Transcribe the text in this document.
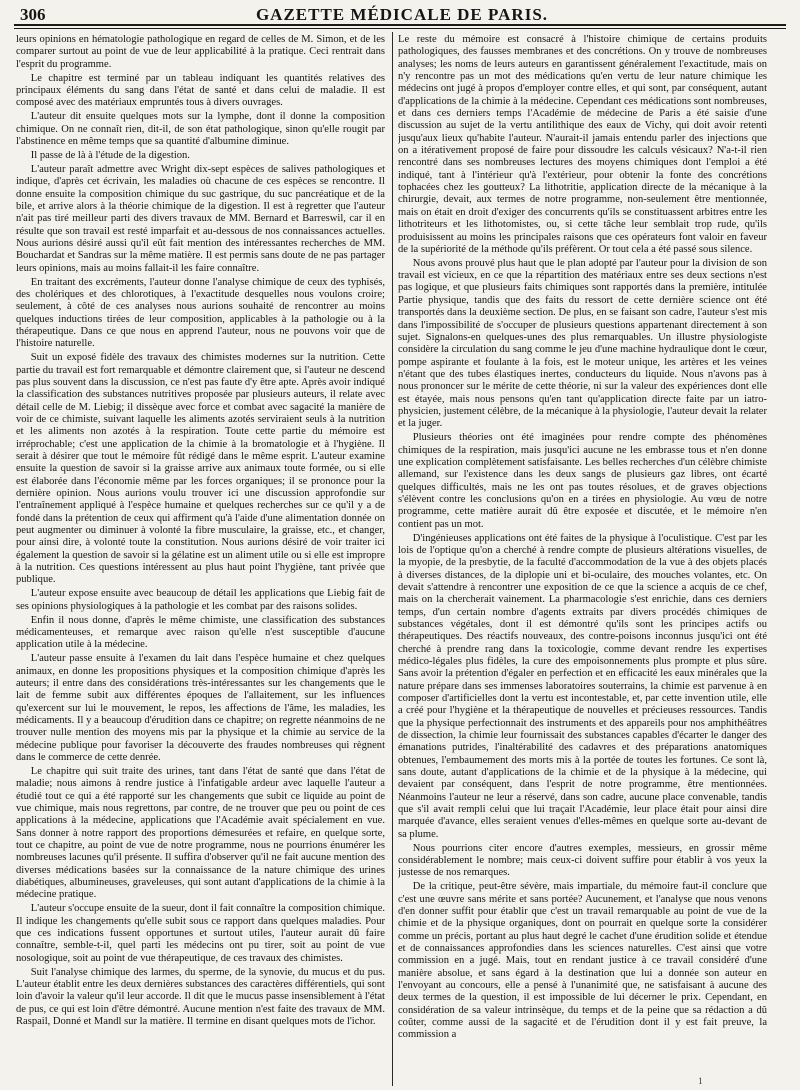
306	GAZETTE MÉDICALE DE PARIS.

leurs opinions en hématologie pathologique en regard de celles de M. Simon, et de les comparer surtout au point de vue de leur applicabilité à la pratique. Ceci rentrait dans l'esprit du programme.

Le chapitre est terminé par un tableau indiquant les quantités relatives des principaux éléments du sang dans l'état de santé et dans celui de maladie. Il est composé avec des matériaux empruntés tous à divers ouvrages.

L'auteur dit ensuite quelques mots sur la lymphe, dont il donne la composition chimique. On ne connaît rien, dit-il, de son état pathologique, sinon qu'elle rougit par l'abstinence en même temps que sa quantité d'albumine diminue.

Il passe de là à l'étude de la digestion.

L'auteur paraît admettre avec Wright dix-sept espèces de salives pathologiques et indique, d'après cet écrivain, les maladies où chacune de ces espèces se rencontre. Il donne ensuite la composition chimique du suc gastrique, du suc pancréatique et de la bile, et arrive alors à la théorie chimique de la digestion. Il est à regretter que l'auteur n'ait pas tiré meilleur parti des divers travaux de MM. Bernard et Barreswil, car il en résulte que son travail est resté imparfait et au-dessous de nos connaissances actuelles. Nous aurions désiré aussi qu'il eût fait mention des intéressantes recherches de MM. Bouchardat et Sandras sur la même matière. Il est permis sans doute de ne pas partager leurs opinions, mais au moins fallait-il les faire connaître.

En traitant des excréments, l'auteur donne l'analyse chimique de ceux des typhisés, des cholériques et des chlorotiques, à l'exactitude desquelles nous voulons croire; seulement, à côté de ces analyses nous aurions souhaité de rencontrer au moins quelques inductions tirées de leur composition, applicables à la pathologie ou à la thérapeutique. Dans ce que nous en apprend l'auteur, nous ne pouvons voir que de l'histoire naturelle.

Suit un exposé fidèle des travaux des chimistes modernes sur la nutrition. Cette partie du travail est fort remarquable et démontre clairement que, si l'auteur ne descend pas plus souvent dans la discussion, ce n'est pas faute d'y être apte. Après avoir indiqué la classification des substances nutritives proposée par plusieurs auteurs, il relate avec détail celle de M. Liebig; il dissèque avec force et combat avec sagacité la manière de voir de ce chimiste, suivant laquelle les aliments azotés serviraient seuls à la nutrition et les aliments non azotés à la respiration. Toute cette partie du mémoire est irréprochable; c'est une application de la chimie à la bromatologie et à l'hygiène. Il serait à désirer que tout le mémoire fût rédigé dans le même esprit. L'auteur examine ensuite la question de savoir si la graisse arrive aux animaux toute formée, ou si elle est élaborée dans l'économie même par les forces organiques; il se prononce pour la dernière opinion. Nous aurions voulu trouver ici une discussion approfondie sur l'entraînement appliqué à l'espèce humaine et quelques recherches sur ce qu'il y a de fondé dans la prétention de ceux qui affirment qu'à l'aide d'une alimentation donnée on peut augmenter ou diminuer à volonté la fibre musculaire, la graisse, etc., et changer, pour ainsi dire, à volonté toute la constitution. Nous aurions désiré de voir traiter ici également la question de savoir si la gélatine est un aliment utile ou si elle est impropre à la nutrition. Ces questions intéressent au plus haut point l'hygiène, tant privée que publique.

L'auteur expose ensuite avec beaucoup de détail les applications que Liebig fait de ses opinions physiologiques à la pathologie et les combat par des raisons solides.

Enfin il nous donne, d'après le même chimiste, une classification des substances médicamenteuses, et remarque avec raison qu'elle n'est susceptible d'aucune application utile à la médecine.

L'auteur passe ensuite à l'examen du lait dans l'espèce humaine et chez quelques animaux, en donne les propositions physiques et la composition chimique d'après les auteurs; il entre dans des considérations très-intéressantes sur les changements que le lait de femme subit aux différentes époques de l'allaitement, sur les influences qu'exercent sur lui le mouvement, le repos, les affections de l'âme, les maladies, les médicaments. Il y a beaucoup d'érudition dans ce chapitre; on regrette néanmoins de ne trouver nulle mention des moyens mis par la physique et la chimie au service de la médecine publique pour favoriser la découverte des fraudes nombreuses qui règnent dans le commerce de cette denrée.

Le chapitre qui suit traite des urines, tant dans l'état de santé que dans l'état de maladie; nous aimons à rendre justice à l'infatigable ardeur avec laquelle l'auteur a étudié tout ce qui a été rapporté sur les changements que subit ce liquide au point de vue chimique, mais nous regrettons, par contre, de ne trouver que peu ou point de ces applications à la médecine, applications que l'Académie avait spécialement en vue. Sans donner à notre rapport des proportions démesurées et refaire, en quelque sorte, tout ce chapitre, au point de vue de notre programme, nous ne pourrions énumérer les nombreuses lacunes qu'il présente. Il suffira d'observer qu'il ne fait aucune mention des diverses médications basées sur la connaissance de la nature chimique des urines diabétiques, albumineuses, graveleuses, qui sont autant d'applications de la chimie à la médecine pratique.

L'auteur s'occupe ensuite de la sueur, dont il fait connaître la composition chimique. Il indique les changements qu'elle subit sous ce rapport dans quelques maladies. Pour que ces indications fussent opportunes et surtout utiles, l'auteur aurait dû faire connaître, semble-t-il, quel parti les médecins ont pu tirer, soit au point de vue nosologique, soit au point de vue thérapeutique, de ces travaux des chimistes.

Suit l'analyse chimique des larmes, du sperme, de la synovie, du mucus et du pus. L'auteur établit entre les deux dernières substances des caractères différentiels, qui sont loin d'avoir la valeur qu'il leur accorde. Il dit que le mucus passe insensiblement à l'état de pus, ce qui est loin d'être démontré. Aucune mention n'est faite des travaux de MM. Raspail, Donné et Mandl sur la matière. Il termine en disant quelques mots de l'ichor.

Le reste du mémoire est consacré à l'histoire chimique de certains produits pathologiques, des fausses membranes et des concrétions. On y trouve de nombreuses analyses; les noms de leurs auteurs en garantissent généralement l'exactitude, mais on n'y rencontre pas un mot des médications qu'en vertu de leur nature chimique les médecins ont jugé à propos d'employer contre elles, et qui sont, par conséquent, autant d'applications de la chimie à la médecine. Cependant ces médications sont nombreuses, et dans ces derniers temps l'Académie de médecine de Paris a été saisie d'une discussion au sujet de la vertu antilithique des eaux de Vichy, qui doit avoir retenti jusqu'aux lieux qu'habite l'auteur. N'aurait-il jamais entendu parler des injections que on a itérativement proposé de faire pour dissoudre les calculs vésicaux? N'a-t-il rien rencontré dans ses nombreuses lectures des moyens chimiques dont l'emploi a été indiqué, tant à l'intérieur qu'à l'extérieur, pour obtenir la fonte des concrétions tophacées chez les goutteux? La lithotritie, application directe de la mécanique à la chirurgie, devait, aux termes de notre programme, non-seulement être mentionnée, mais on était en droit d'exiger des concurrents qu'ils se constituassent arbitres entre les lithotriteurs et les lithotomistes, ou, si cette tâche leur semblait trop rude, qu'ils produisissent au moins les principales raisons que ces opérateurs font valoir en faveur de la supériorité de la méthode qu'ils préfèrent. Or tout cela a été passé sous silence.

Nous avons prouvé plus haut que le plan adopté par l'auteur pour la division de son travail est vicieux, en ce que la répartition des matériaux entre ses deux sections n'est pas logique, et que plusieurs faits chimiques sont rapportés dans la première, intitulée Partie physique, tandis que des faits du ressort de cette dernière science ont été transportés dans la deuxième section. De plus, en se faisant son cadre, l'auteur s'est mis dans l'impossibilité de s'occuper de plusieurs questions appartenant directement à son sujet. Signalons-en quelques-unes des plus remarquables. Un illustre physiologiste considère la circulation du sang comme le jeu d'une machine hydraulique dont le cœur, pompe aspirante et foulante à la fois, est le moteur unique, les artères et les veines n'étant que des tubes élastiques inertes, conducteurs du liquide. Nous n'avons pas à nous prononcer sur le mérite de cette théorie, ni sur la valeur des expériences dont elle est étayée, mais nous pensons qu'en tant qu'application directe faite par un iatro-physicien, justement célèbre, de la mécanique à la physiologie, l'auteur devait la relater et la juger.

Plusieurs théories ont été imaginées pour rendre compte des phénomènes chimiques de la respiration, mais jusqu'ici aucune ne les embrasse tous et n'en donne une explication complètement satisfaisante. Les belles recherches d'un célèbre chimiste allemand, sur l'existence dans les deux sangs de plusieurs gaz libres, ont écarté quelques difficultés, mais ne les ont pas toutes résolues, et de graves objections s'élèvent contre les conclusions qu'on en a tirées en physiologie. Au vœu de notre programme, cette matière aurait dû être exposée et discutée, et le mémoire n'en contient pas un mot.

D'ingénieuses applications ont été faites de la physique à l'oculistique. C'est par les lois de l'optique qu'on a cherché à rendre compte de plusieurs altérations visuelles, de la myopie, de la presbytie, de la faculté d'accommodation de la vue à des objets placés à diverses distances, de la diplopie uni et bi-oculaire, des mouches volantes, etc. On devait s'attendre à rencontrer une exposition de ce que la science a acquis de ce chef, mais on la chercherait vainement. La pharmacologie s'est enrichie, dans ces derniers temps, d'un certain nombre d'agents extraits par divers procédés chimiques de substances végétales, dont il est démontré qu'ils sont les principes actifs ou thérapeutiques. Des réactifs nouveaux, des contre-poisons inconnus jusqu'ici ont été cherché à prendre rang dans la toxicologie, comme devant rendre les expertises médico-légales plus fidèles, la cure des empoisonnements plus prompte et plus sûre. Sans avoir la prétention d'égaler en perfection et en efficacité les eaux minérales que la nature prépare dans ses immenses laboratoires souterrains, la chimie est parvenue à en composer d'artificielles dont la vertu est incontestable, et, par cette invention utile, elle a créé pour l'hygiène et la thérapeutique de nouvelles et précieuses ressources. Tandis que la physique perfectionnait des instruments et des appareils pour nos amphithéâtres de dissection, la chimie leur fournissait des substances capables d'écarter le danger des émanations putrides, l'inaltérabilité des cadavres et des préparations anatomiques obtenues, l'embaumement des morts mis à la portée de toutes les fortunes. Ce sont là, sans doute, autant d'applications de la chimie et de la physique à la médecine, qui devaient par conséquent, dans l'esprit de notre programme, être mentionnées. Néanmoins l'auteur ne leur a réservé, dans son cadre, aucune place convenable, tandis que s'il avait rempli celui que lui traçait l'Académie, leur place était pour ainsi dire marquée d'avance, elles seraient venues d'elles-mêmes en quelque sorte au-devant de sa plume.

Nous pourrions citer encore d'autres exemples, messieurs, en grossir même considérablement le nombre; mais ceux-ci doivent suffire pour établir à vos yeux la justesse de nos remarques.

De la critique, peut-être sévère, mais impartiale, du mémoire faut-il conclure que c'est une œuvre sans mérite et sans portée? Aucunement, et l'analyse que nous venons d'en donner suffit pour établir que c'est un travail remarquable au point de vue de la chimie et de la physique organiques, dont on pourrait en quelque sorte la considérer comme un précis, portant au plus haut degré le cachet d'une érudition solide et étendue et de connaissances approfondies dans les sciences naturelles. C'est ainsi que votre commission en a jugé. Mais, tout en rendant justice à ce travail considéré d'une manière absolue, et sans égard à la destination que lui a donnée son auteur en l'envoyant au concours, elle a pensé à l'unanimité que, ne satisfaisant à aucune des deux termes de la question, il est impossible de lui décerner le prix. Cependant, en considération de sa valeur intrinsèque, du temps et de la peine que sa rédaction a dû coûter, comme aussi de la sagacité et de l'érudition dont il y est fait preuve, la commission a

1
